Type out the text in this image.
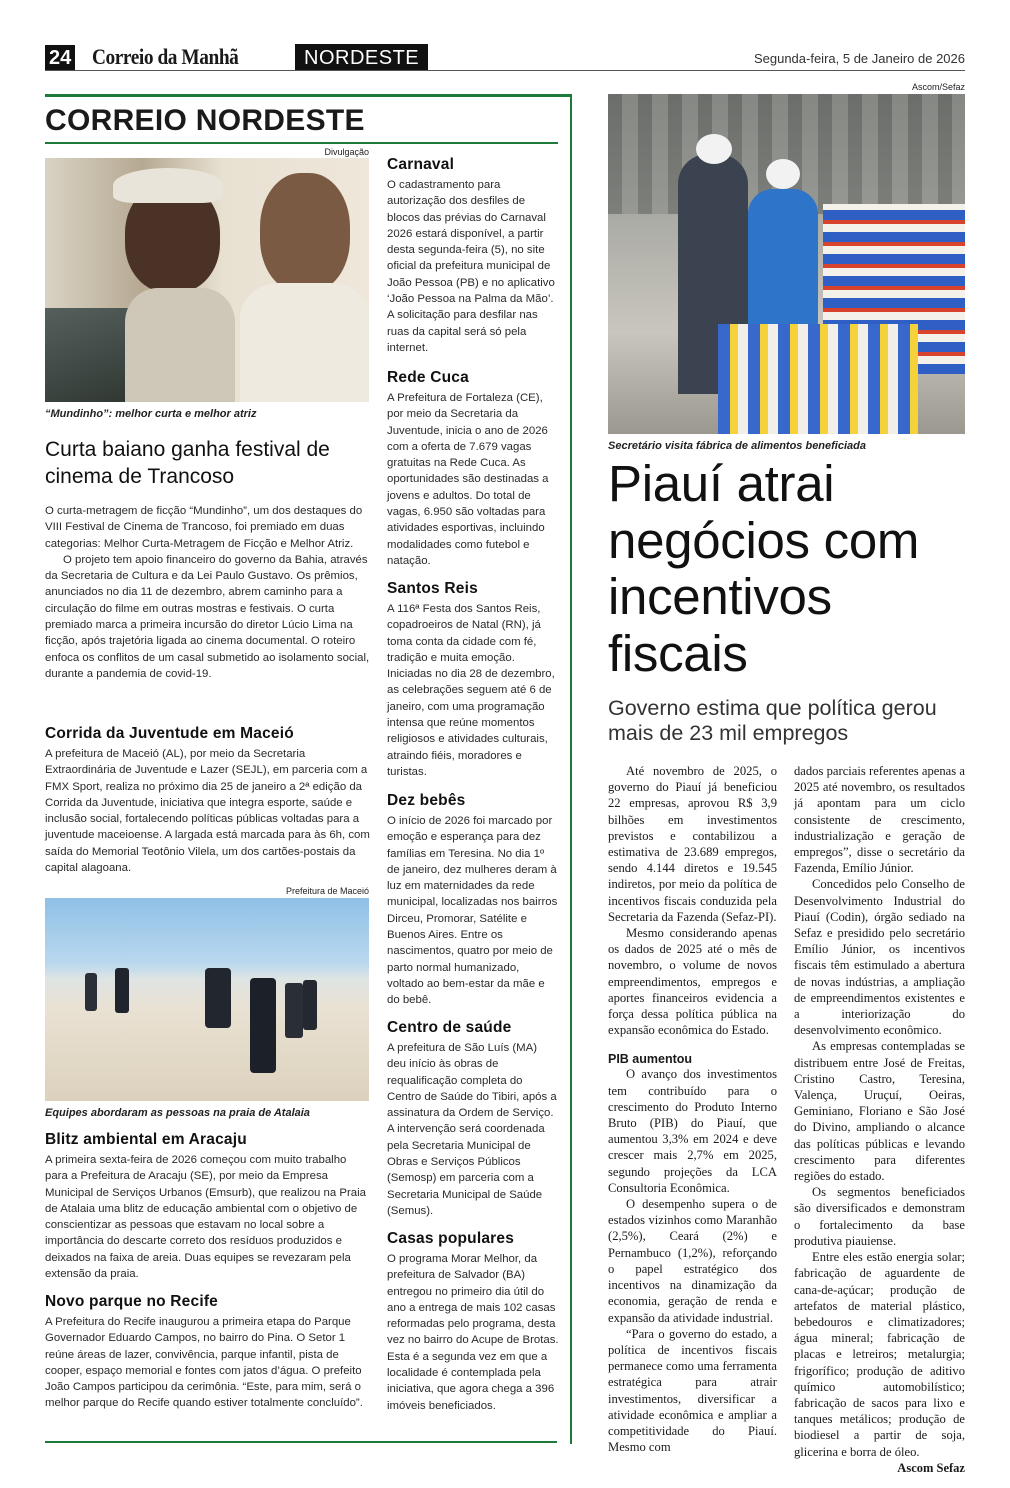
24 Correio da Manhã	NORDESTE	Segunda-feira, 5 de Janeiro de 2026
CORREIO NORDESTE
Divulgação
“Mundinho”: melhor curta e melhor atriz
Curta baiano ganha festival de cinema de Trancoso

O curta-metragem de ficção “Mundinho”, um dos destaques do VIII Festival de Cinema de Trancoso, foi premiado em duas categorias: Melhor Curta-Metragem de Ficção e Melhor Atriz.

O projeto tem apoio financeiro do governo da Bahia, através da Secretaria de Cultura e da Lei Paulo Gustavo. Os prêmios, anunciados no dia 11 de dezembro, abrem caminho para a circulação do filme em outras mostras e festivais. O curta premiado marca a primeira incursão do diretor Lúcio Lima na ficção, após trajetória ligada ao cinema documental. O roteiro enfoca os conflitos de um casal submetido ao isolamento social, durante a pandemia de covid-19.

Corrida da Juventude em Maceió

A prefeitura de Maceió (AL), por meio da Secretaria Extraordinária de Juventude e Lazer (SEJL), em parceria com a FMX Sport, realiza no próximo dia 25 de janeiro a 2ª edição da Corrida da Juventude, iniciativa que integra esporte, saúde e inclusão social, fortalecendo políticas públicas voltadas para a juventude maceioense. A largada está marcada para às 6h, com saída do Memorial Teotônio Vilela, um dos cartões-postais da capital alagoana.

Prefeitura de Maceió
Equipes abordaram as pessoas na praia de Atalaia
Blitz ambiental em Aracaju

A primeira sexta-feira de 2026 começou com muito trabalho para a Prefeitura de Aracaju (SE), por meio da Empresa Municipal de Serviços Urbanos (Emsurb), que realizou na Praia de Atalaia uma blitz de educação ambiental com o objetivo de conscientizar as pessoas que estavam no local sobre a importância do descarte correto dos resíduos produzidos e deixados na faixa de areia. Duas equipes se revezaram pela extensão da praia.

Novo parque no Recife

A Prefeitura do Recife inaugurou a primeira etapa do Parque Governador Eduardo Campos, no bairro do Pina. O Setor 1 reúne áreas de lazer, convivência, parque infantil, pista de cooper, espaço memorial e fontes com jatos d’água. O prefeito João Campos participou da cerimônia. “Este, para mim, será o melhor parque do Recife quando estiver totalmente concluído”.

Carnaval

O cadastramento para autorização dos desfiles de blocos das prévias do Carnaval 2026 estará disponível, a partir desta segunda-feira (5), no site oficial da prefeitura municipal de João Pessoa (PB) e no aplicativo ‘João Pessoa na Palma da Mão’. A solicitação para desfilar nas ruas da capital será só pela internet.

Rede Cuca

A Prefeitura de Fortaleza (CE), por meio da Secretaria da Juventude, inicia o ano de 2026 com a oferta de 7.679 vagas gratuitas na Rede Cuca. As oportunidades são destinadas a jovens e adultos. Do total de vagas, 6.950 são voltadas para atividades esportivas, incluindo modalidades como futebol e natação.

Santos Reis

A 116ª Festa dos Santos Reis, copadroeiros de Natal (RN), já toma conta da cidade com fé, tradição e muita emoção. Iniciadas no dia 28 de dezembro, as celebrações seguem até 6 de janeiro, com uma programação intensa que reúne momentos religiosos e atividades culturais, atraindo fiéis, moradores e turistas.

Dez bebês

O início de 2026 foi marcado por emoção e esperança para dez famílias em Teresina. No dia 1º de janeiro, dez mulheres deram à luz em maternidades da rede municipal, localizadas nos bairros Dirceu, Promorar, Satélite e Buenos Aires. Entre os nascimentos, quatro por meio de parto normal humanizado, voltado ao bem-estar da mãe e do bebê.

Centro de saúde

A prefeitura de São Luís (MA) deu início às obras de requalificação completa do Centro de Saúde do Tibiri, após a assinatura da Ordem de Serviço. A intervenção será coordenada pela Secretaria Municipal de Obras e Serviços Públicos (Semosp) em parceria com a Secretaria Municipal de Saúde (Semus).

Casas populares

O programa Morar Melhor, da prefeitura de Salvador (BA) entregou no primeiro dia útil do ano a entrega de mais 102 casas reformadas pelo programa, desta vez no bairro do Acupe de Brotas. Esta é a segunda vez em que a localidade é contemplada pela iniciativa, que agora chega a 396 imóveis beneficiados.

Ascom/Sefaz
Secretário visita fábrica de alimentos beneficiada
Piauí atrai negócios com incentivos fiscais
Governo estima que política gerou mais de 23 mil empregos

Até novembro de 2025, o governo do Piauí já beneficiou 22 empresas, aprovou R$ 3,9 bilhões em investimentos previstos e contabilizou a estimativa de 23.689 empregos, sendo 4.144 diretos e 19.545 indiretos, por meio da política de incentivos fiscais conduzida pela Secretaria da Fazenda (Sefaz-PI).

Mesmo considerando apenas os dados de 2025 até o mês de novembro, o volume de novos empreendimentos, empregos e aportes financeiros evidencia a força dessa política pública na expansão econômica do Estado.

PIB aumentou

O avanço dos investimentos tem contribuído para o crescimento do Produto Interno Bruto (PIB) do Piauí, que aumentou 3,3% em 2024 e deve crescer mais 2,7% em 2025, segundo projeções da LCA Consultoria Econômica.

O desempenho supera o de estados vizinhos como Maranhão (2,5%), Ceará (2%) e Pernambuco (1,2%), reforçando o papel estratégico dos incentivos na dinamização da economia, geração de renda e expansão da atividade industrial.

“Para o governo do estado, a política de incentivos fiscais permanece como uma ferramenta estratégica para atrair investimentos, diversificar a atividade econômica e ampliar a competitividade do Piauí. Mesmo com

dados parciais referentes apenas a 2025 até novembro, os resultados já apontam para um ciclo consistente de crescimento, industrialização e geração de empregos”, disse o secretário da Fazenda, Emílio Júnior.

Concedidos pelo Conselho de Desenvolvimento Industrial do Piauí (Codin), órgão sediado na Sefaz e presidido pelo secretário Emílio Júnior, os incentivos fiscais têm estimulado a abertura de novas indústrias, a ampliação de empreendimentos existentes e a interiorização do desenvolvimento econômico.

As empresas contempladas se distribuem entre José de Freitas, Cristino Castro, Teresina, Valença, Uruçuí, Oeiras, Geminiano, Floriano e São José do Divino, ampliando o alcance das políticas públicas e levando crescimento para diferentes regiões do estado.

Os segmentos beneficiados são diversificados e demonstram o fortalecimento da base produtiva piauiense.

Entre eles estão energia solar; fabricação de aguardente de cana-de-açúcar; produção de artefatos de material plástico, bebedouros e climatizadores; água mineral; fabricação de placas e letreiros; metalurgia; frigorífico; produção de aditivo químico automobilístico; fabricação de sacos para lixo e tanques metálicos; produção de biodiesel a partir de soja, glicerina e borra de óleo.

Ascom Sefaz
